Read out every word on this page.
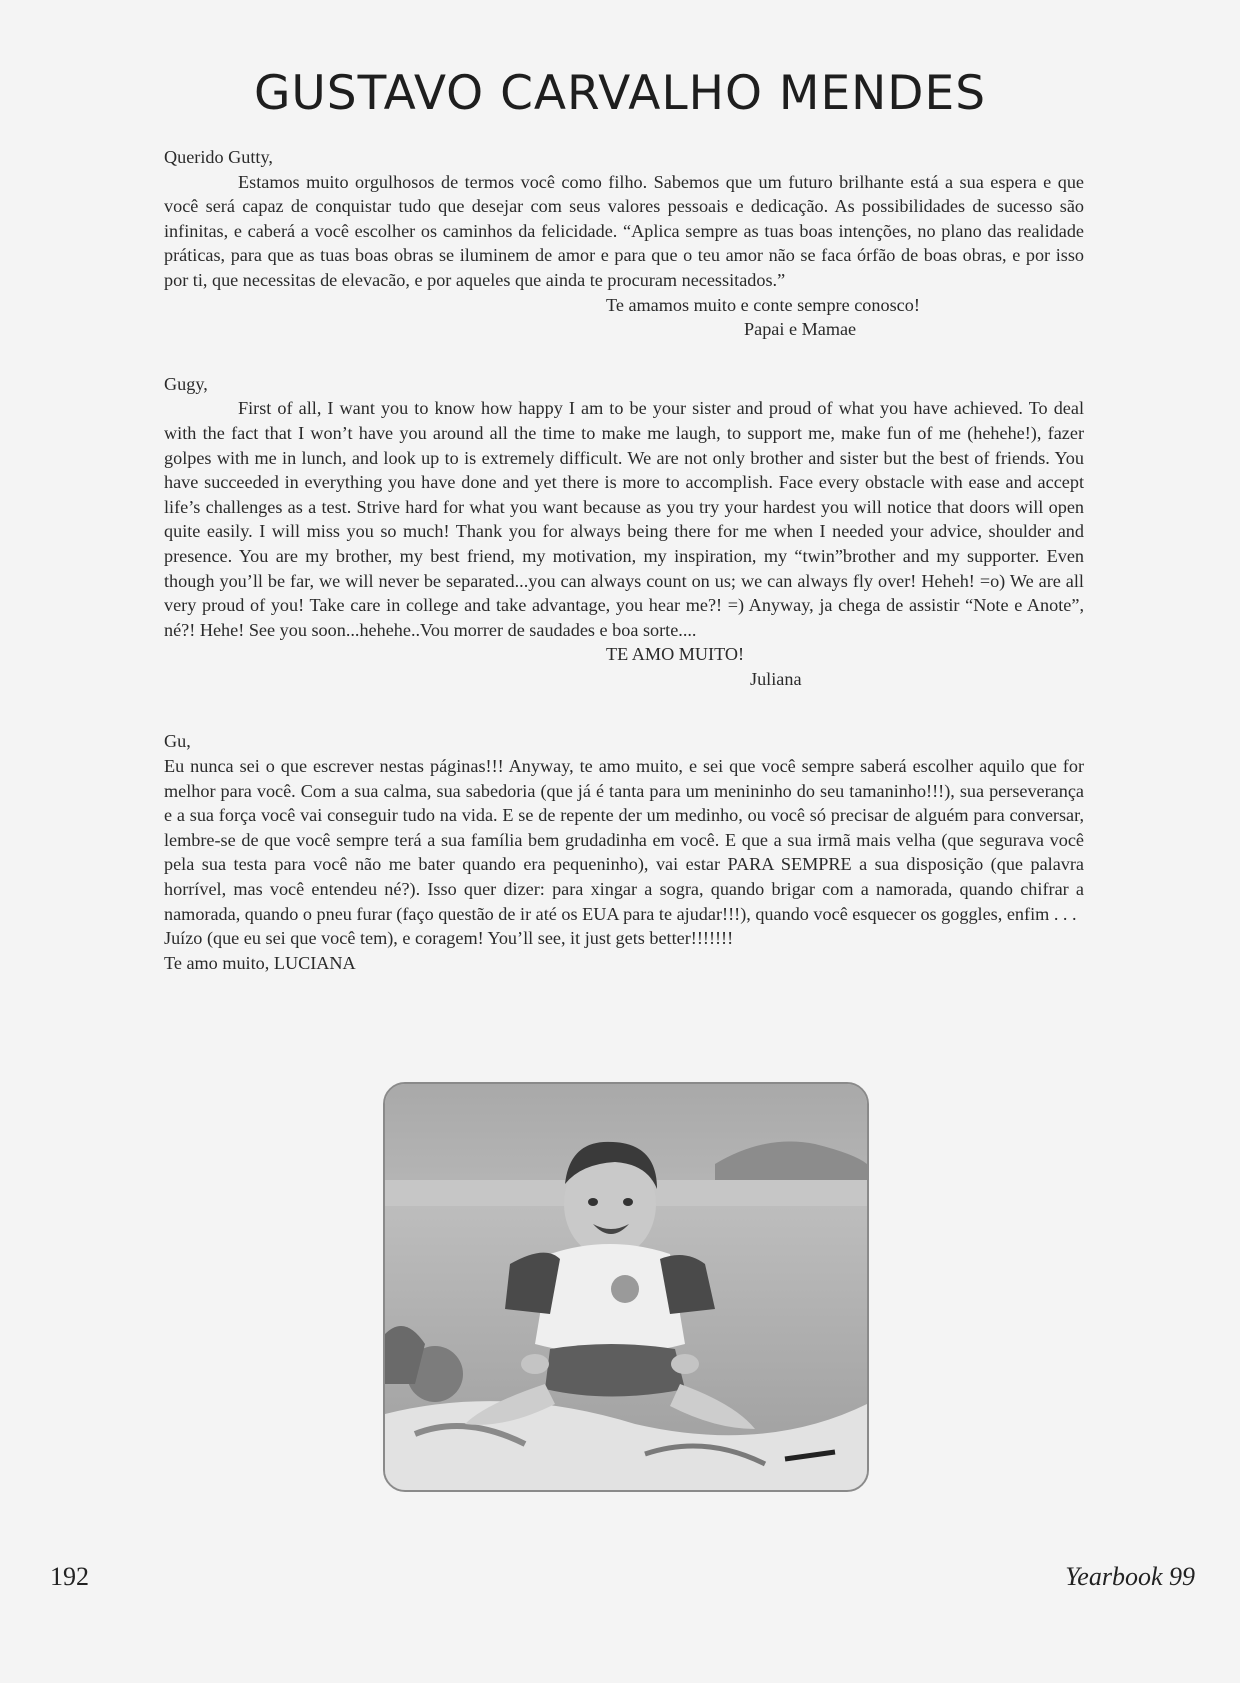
GUSTAVO CARVALHO MENDES
Querido Gutty,

Estamos muito orgulhosos de termos você como filho. Sabemos que um futuro brilhante está a sua espera e que você será capaz de conquistar tudo que desejar com seus valores pessoais e dedicação. As possibilidades de sucesso são infinitas, e caberá a você escolher os caminhos da felicidade. “Aplica sempre as tuas boas intenções, no plano das realidade práticas, para que as tuas boas obras se iluminem de amor e para que o teu amor não se faca órfão de boas obras, e por isso por ti, que necessitas de elevacão, e por aqueles que ainda te procuram necessitados.”

Te amamos muito e conte sempre conosco!
Papai e Mamae
Gugy,

First of all, I want you to know how happy I am to be your sister and proud of what you have achieved. To deal with the fact that I won’t have you around all the time to make me laugh, to support me, make fun of me (hehehe!), fazer golpes with me in lunch, and look up to is extremely difficult. We are not only brother and sister but the best of friends. You have succeeded in everything you have done and yet there is more to accomplish. Face every obstacle with ease and accept life’s challenges as a test. Strive hard for what you want because as you try your hardest you will notice that doors will open quite easily. I will miss you so much! Thank you for always being there for me when I needed your advice, shoulder and presence. You are my brother, my best friend, my motivation, my inspiration, my “twin”brother and my supporter. Even though you’ll be far, we will never be separated...you can always count on us; we can always fly over! Heheh! =o) We are all very proud of you! Take care in college and take advantage, you hear me?! =) Anyway, ja chega de assistir “Note e Anote”, né?! Hehe! See you soon...hehehe..Vou morrer de saudades e boa sorte....

TE AMO MUITO!
Juliana
Gu,

Eu nunca sei o que escrever nestas páginas!!! Anyway, te amo muito, e sei que você sempre saberá escolher aquilo que for melhor para você. Com a sua calma, sua sabedoria (que já é tanta para um menininho do seu tamaninho!!!), sua perseverança e a sua força você vai conseguir tudo na vida. E se de repente der um medinho, ou você só precisar de alguém para conversar, lembre-se de que você sempre terá a sua família bem grudadinha em você. E que a sua irmã mais velha (que segurava você pela sua testa para você não me bater quando era pequeninho), vai estar PARA SEMPRE a sua disposição (que palavra horrível, mas você entendeu né?). Isso quer dizer: para xingar a sogra, quando brigar com a namorada, quando chifrar a namorada, quando o pneu furar (faço questão de ir até os EUA para te ajudar!!!), quando você esquecer os goggles, enfim . . .

Juízo (que eu sei que você tem), e coragem! You’ll see, it just gets better!!!!!!!
Te amo muito, LUCIANA
192	Yearbook 99
